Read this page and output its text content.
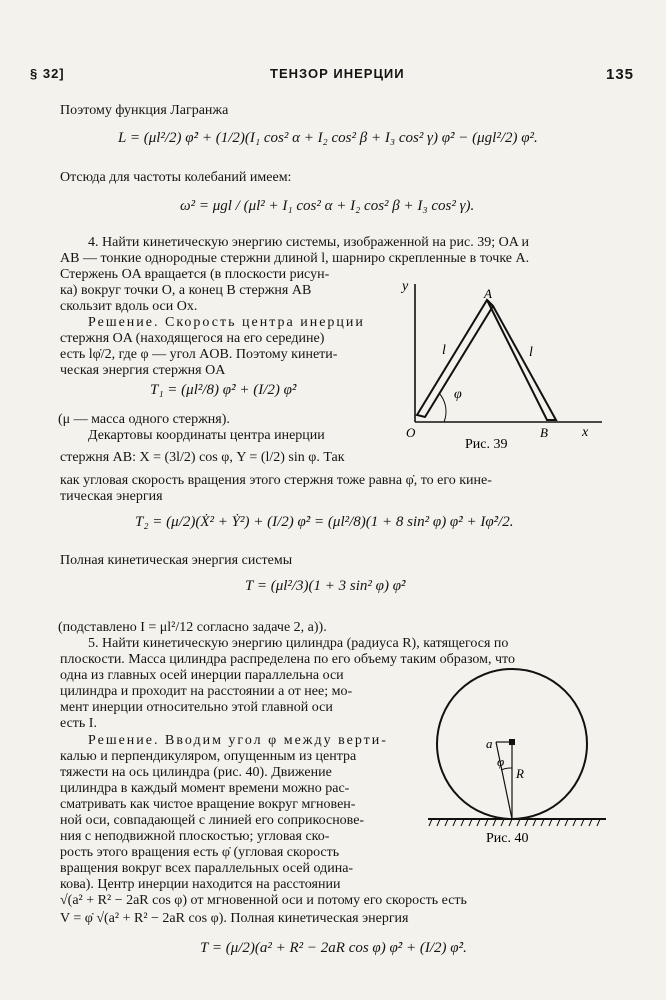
§ 32]	ТЕНЗОР ИНЕРЦИИ	135
Поэтому функция Лагранжа
L = (μl²/2) φ̇² + (1/2)(I₁ cos² α + I₂ cos² β + I₃ cos² γ) φ̇² − (μgl²/2) φ².
Отсюда для частоты колебаний имеем:
ω² = μgl / (μl² + I₁ cos² α + I₂ cos² β + I₃ cos² γ).
4. Найти кинетическую энергию системы, изображенной на рис. 39; OA и
AB — тонкие однородные стержни длиной l, шарниро скрепленные в точке A.
Стержень OA вращается (в плоскости рисун-
ка) вокруг точки O, а конец B стержня AB
скользит вдоль оси Ox.
Решение. Скорость центра инерции
стержня OA (находящегося на его середине)
есть lφ̇/2, где φ — угол AOB. Поэтому кинети-
ческая энергия стержня OA
T₁ = (μl²/8) φ̇² + (I/2) φ̇²
(μ — масса одного стержня).
Декартовы координаты центра инерции
стержня AB: X = (3l/2) cos φ, Y = (l/2) sin φ. Так
как угловая скорость вращения этого стержня тоже равна φ̇, то его кине-
тическая энергия
T₂ = (μ/2)(Ẋ² + Ẏ²) + (I/2) φ̇² = (μl²/8)(1 + 8 sin² φ) φ̇² + Iφ̇²/2.
Полная кинетическая энергия системы
T = (μl²/3)(1 + 3 sin² φ) φ̇²
(подставлено I = μl²/12 согласно задаче 2, а)).
5. Найти кинетическую энергию цилиндра (радиуса R), катящегося по
плоскости. Масса цилиндра распределена по его объему таким образом, что
одна из главных осей инерции параллельна оси
цилиндра и проходит на расстоянии a от нее; мо-
мент инерции относительно этой главной оси
есть I.
Решение. Вводим угол φ между верти-
калью и перпендикуляром, опущенным из центра
тяжести на ось цилиндра (рис. 40). Движение
цилиндра в каждый момент времени можно рас-
сматривать как чистое вращение вокруг мгновен-
ной оси, совпадающей с линией его соприкоснове-
ния с неподвижной плоскостью; угловая ско-
рость этого вращения есть φ̇ (угловая скорость
вращения вокруг всех параллельных осей одина-
кова). Центр инерции находится на расстоянии
√(a² + R² − 2aR cos φ) от мгновенной оси и потому его скорость есть
V = φ̇ √(a² + R² − 2aR cos φ). Полная кинетическая энергия
T = (μ/2)(a² + R² − 2aR cos φ) φ̇² + (I/2) φ̇².
y
x
O
A
B
l	l
φ
Рис. 39
a
φ
R
Рис. 40
